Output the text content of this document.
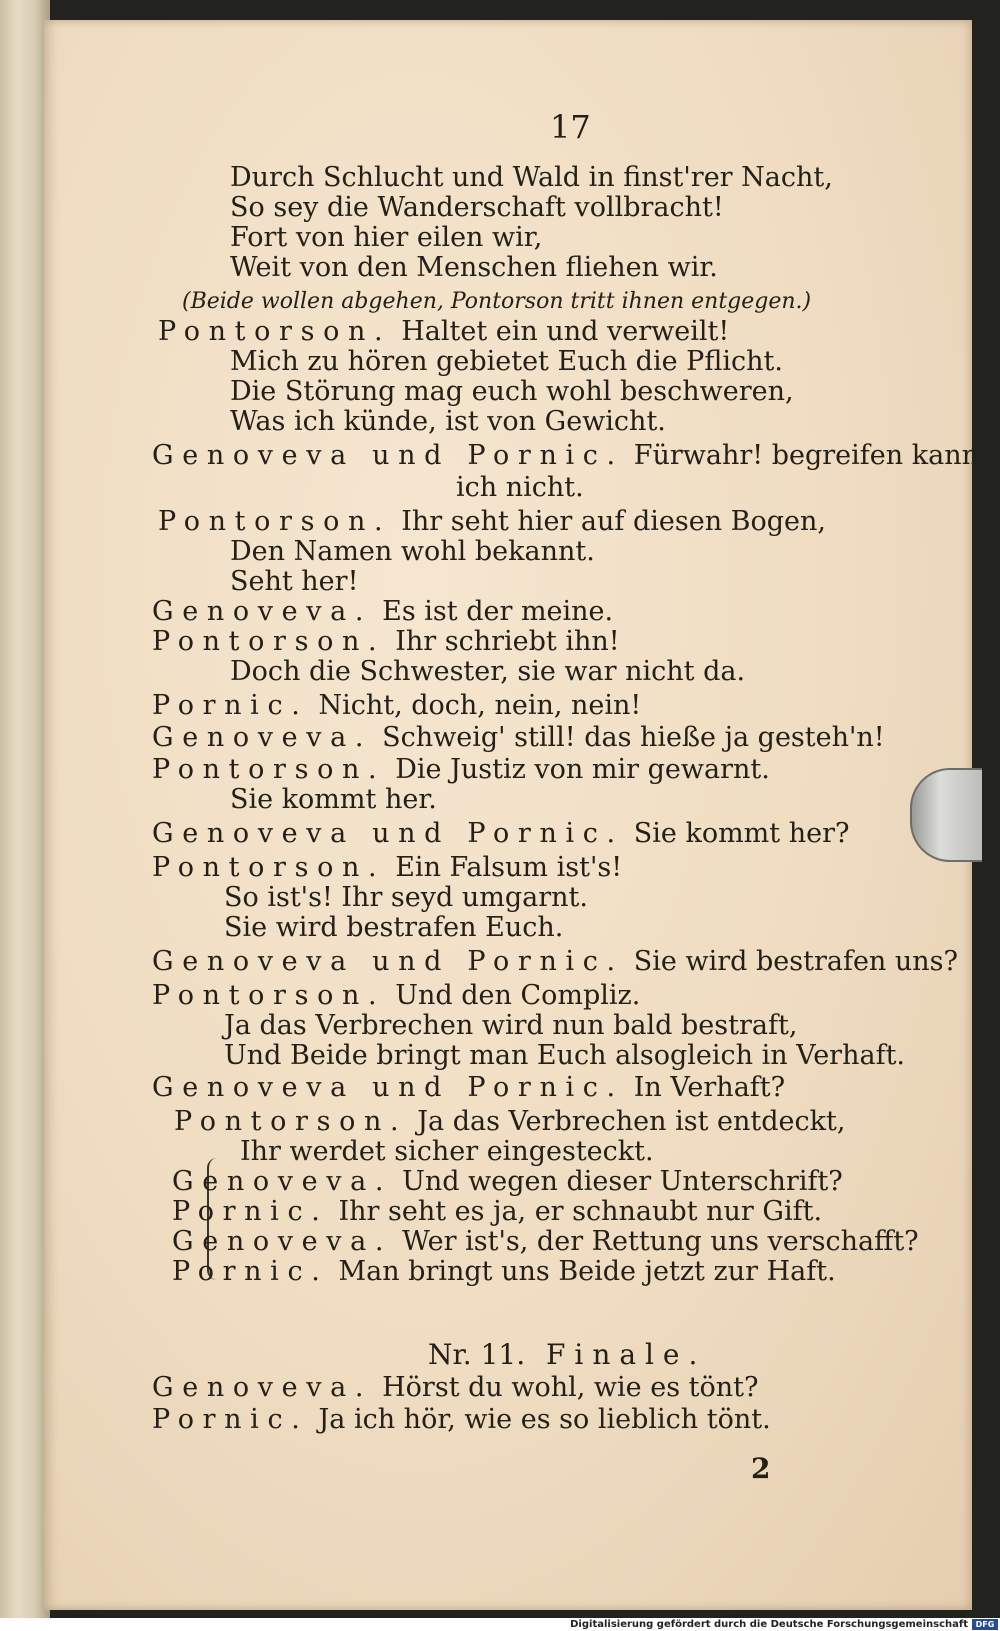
17
Durch Schlucht und Wald in finst'rer Nacht,
So sey die Wanderschaft vollbracht!
Fort von hier eilen wir,
Weit von den Menschen fliehen wir.
(Beide wollen abgehen, Pontorson tritt ihnen entgegen.)
Pontorson. Haltet ein und verweilt!
Mich zu hören gebietet Euch die Pflicht.
Die Störung mag euch wohl beschweren,
Was ich künde, ist von Gewicht.
Genoveva und Pornic. Fürwahr! begreifen kann
ich nicht.
Pontorson. Ihr seht hier auf diesen Bogen,
Den Namen wohl bekannt.
Seht her!
Genoveva. Es ist der meine.
Pontorson. Ihr schriebt ihn!
Doch die Schwester, sie war nicht da.
Pornic. Nicht, doch, nein, nein!
Genoveva. Schweig' still! das hieße ja gesteh'n!
Pontorson. Die Justiz von mir gewarnt.
Sie kommt her.
Genoveva und Pornic. Sie kommt her?
Pontorson. Ein Falsum ist's!
So ist's! Ihr seyd umgarnt.
Sie wird bestrafen Euch.
Genoveva und Pornic. Sie wird bestrafen uns?
Pontorson. Und den Compliz.
Ja das Verbrechen wird nun bald bestraft,
Und Beide bringt man Euch alsogleich in Verhaft.
Genoveva und Pornic. In Verhaft?
Pontorson. Ja das Verbrechen ist entdeckt,
Ihr werdet sicher eingesteckt.
Genoveva. Und wegen dieser Unterschrift?
Pornic. Ihr seht es ja, er schnaubt nur Gift.
Genoveva. Wer ist's, der Rettung uns verschafft?
Pornic. Man bringt uns Beide jetzt zur Haft.
Nr. 11. Finale.
Genoveva. Hörst du wohl, wie es tönt?
Pornic. Ja ich hör, wie es so lieblich tönt.
2
Digitalisierung gefördert durch die Deutsche Forschungsgemeinschaft DFG
